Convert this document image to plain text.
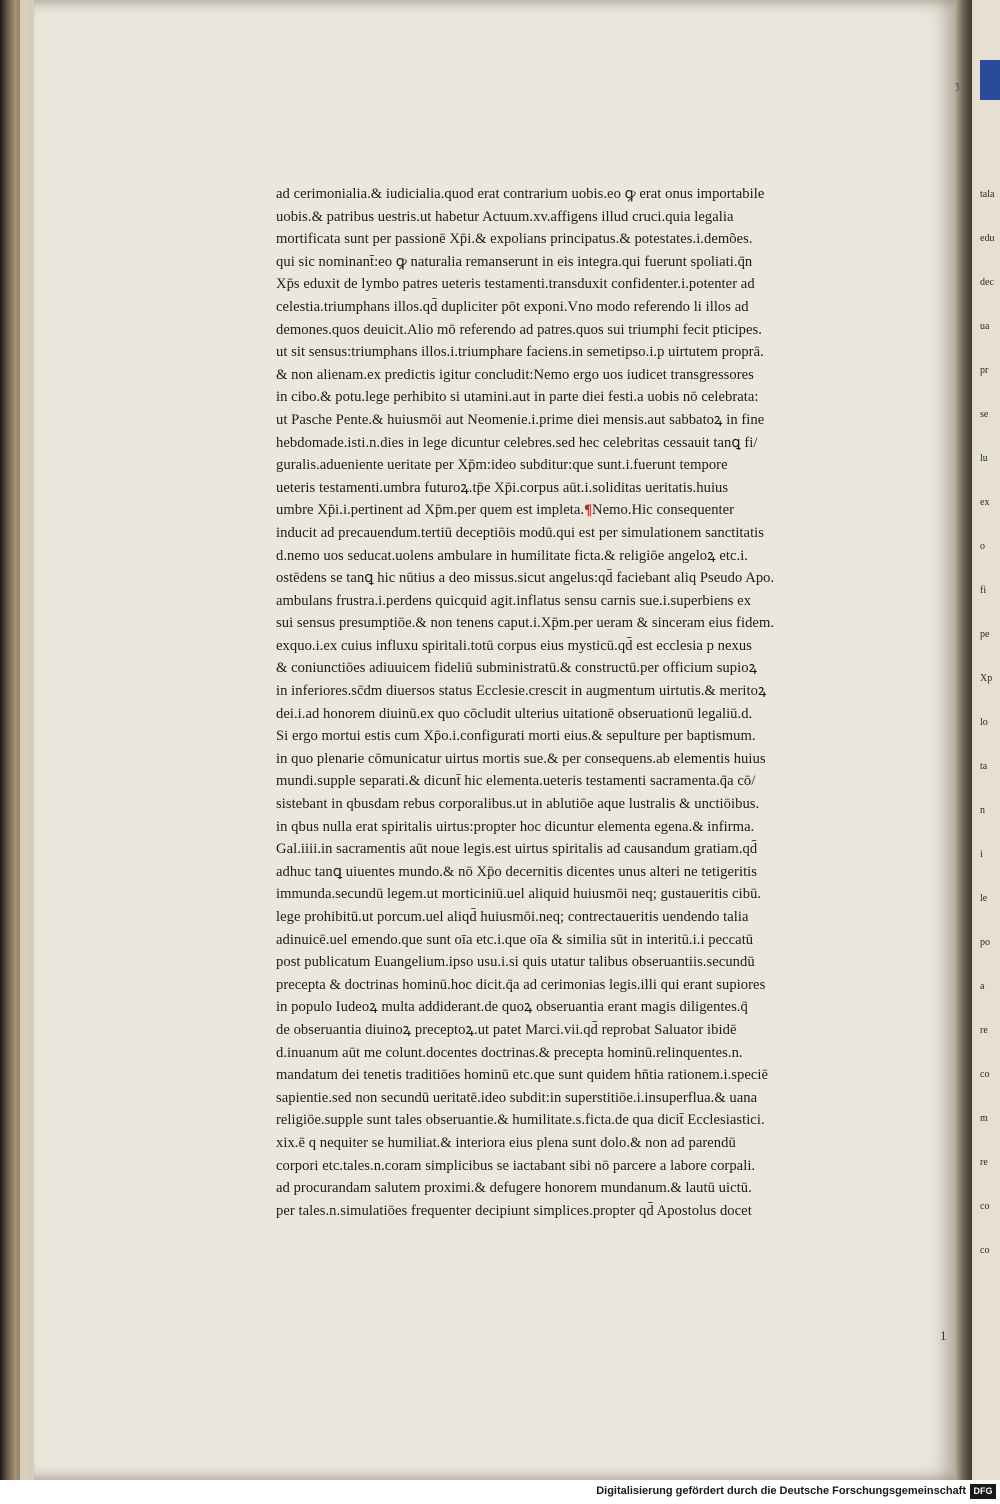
ad cerimonialia.& iudicialia.quod erat contrarium uobis.eo ꝙ erat onus importabile
uobis.& patribus uestris.ut habetur Actuum.xv.affigens illud cruci.quia legalia
mortificata sunt per passionē Xp̄i.& expolians principatus.& potestates.i.demões.
qui sic nominant̄:eo ꝙ naturalia remanserunt in eis integra.qui fuerunt spoliati.q̄n
Xp̄s eduxit de lymbo patres ueteris testamenti.transduxit confidenter.i.potenter ad
celestia.triumphans illos.qd̄ dupliciter pōt exponi.Vno modo referendo li illos ad
demones.quos deuicit.Alio mō referendo ad patres.quos sui triumphi fecit pticipes.
ut sit sensus:triumphans illos.i.triumphare faciens.in semetipso.i.p uirtutem proprā.
& non alienam.ex predictis igitur concludit:Nemo ergo uos iudicet transgressores
in cibo.& potu.lege perhibito si utamini.aut in parte diei festi.a uobis nō celebrata:
ut Pasche Pente.& huiusmōi aut Neomenie.i.prime diei mensis.aut sabbatoꝝ in fine
hebdomade.isti.n.dies in lege dicuntur celebres.sed hec celebritas cessauit tanꝗ fi/
guralis.adueniente ueritate per Xp̄m:ideo subditur:que sunt.i.fuerunt tempore
ueteris testamenti.umbra futuroꝝ.tp̄e Xp̄i.corpus aūt.i.soliditas ueritatis.huius
umbre Xp̄i.i.pertinent ad Xp̄m.per quem est impleta.¶Nemo.Hic consequenter
inducit ad precauendum.tertiū deceptiōis modū.qui est per simulationem sanctitatis
d.nemo uos seducat.uolens ambulare in humilitate ficta.& religiōe angeloꝝ etc.i.
ostēdens se tanꝗ hic nūtius a deo missus.sicut angelus:qd̄ faciebant aliq Pseudo Apo.
ambulans frustra.i.perdens quicquid agit.inflatus sensu carnis sue.i.superbiens ex
sui sensus presumptiōe.& non tenens caput.i.Xp̄m.per ueram & sinceram eius fidem.
exquo.i.ex cuius influxu spiritali.totū corpus eius mysticū.qd̄ est ecclesia p nexus
& coniunctiōes adiuuicem fideliū subministratū.& constructū.per officium supioꝝ
in inferiores.sc̄dm diuersos status Ecclesie.crescit in augmentum uirtutis.& meritoꝝ
dei.i.ad honorem diuinū.ex quo cōcludit ulterius uitationē obseruationū legaliū.d.
Si ergo mortui estis cum Xp̄o.i.configurati morti eius.& sepulture per baptismum.
in quo plenarie cōmunicatur uirtus mortis sue.& per consequens.ab elementis huius
mundi.supple separati.& dicunt̄ hic elementa.ueteris testamenti sacramenta.q̄a cō/
sistebant in qbusdam rebus corporalibus.ut in ablutiōe aque lustralis & unctiōibus.
in qbus nulla erat spiritalis uirtus:propter hoc dicuntur elementa egena.& infirma.
Gal.iiii.in sacramentis aūt noue legis.est uirtus spiritalis ad causandum gratiam.qd̄
adhuc tanꝗ uiuentes mundo.& nō Xp̄o decernitis dicentes unus alteri ne tetigeritis
immunda.secundū legem.ut morticiniū.uel aliquid huiusmōi neq; gustaueritis cibū.
lege prohibitū.ut porcum.uel aliqd̄ huiusmōi.neq; contrectaueritis uendendo talia
adinuicē.uel emendo.que sunt oīa etc.i.que oīa & similia sūt in interitū.i.i peccatū
post publicatum Euangelium.ipso usu.i.si quis utatur talibus obseruantiis.secundū
precepta & doctrinas hominū.hoc dicit.q̄a ad cerimonias legis.illi qui erant supiores
in populo Iudeoꝝ multa addiderant.de quoꝝ obseruantia erant magis diligentes.q̄
de obseruantia diuinoꝝ preceptoꝝ.ut patet Marci.vii.qd̄ reprobat Saluator ibidē
d.inuanum aūt me colunt.docentes doctrinas.& precepta hominū.relinquentes.n.
mandatum dei tenetis traditiōes hominū etc.que sunt quidem hn̄tia rationem.i.speciē
sapientie.sed non secundū ueritatē.ideo subdit:in superstitiōe.i.insuperflua.& uana
religiōe.supple sunt tales obseruantie.& humilitate.s.ficta.de qua dicit̄ Ecclesiastici.
xix.ē q nequiter se humiliat.& interiora eius plena sunt dolo.& non ad parendū
corpori etc.tales.n.coram simplicibus se iactabant sibi nō parcere a labore corpali.
ad procurandam salutem proximi.& defugere honorem mundanum.& lautū uictū.
per tales.n.simulatiōes frequenter decipiunt simplices.propter qd̄ Apostolus docet
tala
edu
dec
ua
pr
se
lu
ex
o
fi
pe
Xp
lo
ta
n
i
le
po
a
re
co
m
re
co
co
ʒ
1
Digitalisierung gefördert durch die Deutsche Forschungsgemeinschaft DFG
